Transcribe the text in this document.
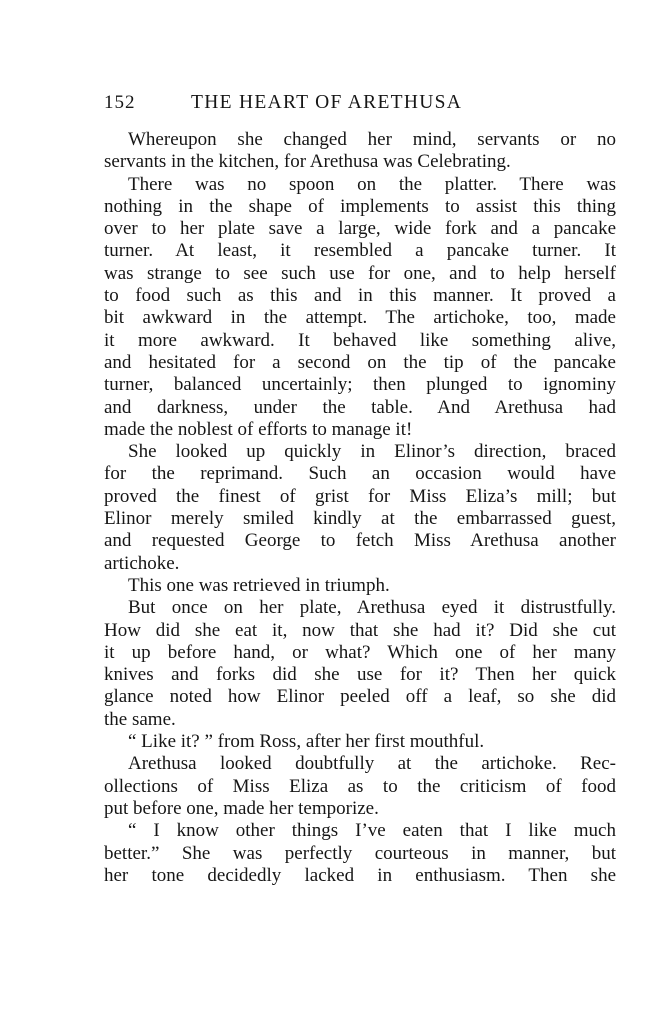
152	THE HEART OF ARETHUSA
Whereupon she changed her mind, servants or no
servants in the kitchen, for Arethusa was Celebrating.
There was no spoon on the platter. There was
nothing in the shape of implements to assist this thing
over to her plate save a large, wide fork and a pancake
turner. At least, it resembled a pancake turner. It
was strange to see such use for one, and to help herself
to food such as this and in this manner. It proved a
bit awkward in the attempt. The artichoke, too, made
it more awkward. It behaved like something alive,
and hesitated for a second on the tip of the pancake
turner, balanced uncertainly; then plunged to ignominy
and darkness, under the table. And Arethusa had
made the noblest of efforts to manage it!
She looked up quickly in Elinor’s direction, braced
for the reprimand. Such an occasion would have
proved the finest of grist for Miss Eliza’s mill; but
Elinor merely smiled kindly at the embarrassed guest,
and requested George to fetch Miss Arethusa another
artichoke.
This one was retrieved in triumph.
But once on her plate, Arethusa eyed it distrustfully.
How did she eat it, now that she had it? Did she cut
it up before hand, or what? Which one of her many
knives and forks did she use for it? Then her quick
glance noted how Elinor peeled off a leaf, so she did
the same.
“ Like it? ” from Ross, after her first mouthful.
Arethusa looked doubtfully at the artichoke. Rec-
ollections of Miss Eliza as to the criticism of food
put before one, made her temporize.
“ I know other things I’ve eaten that I like much
better.” She was perfectly courteous in manner, but
her tone decidedly lacked in enthusiasm. Then she
